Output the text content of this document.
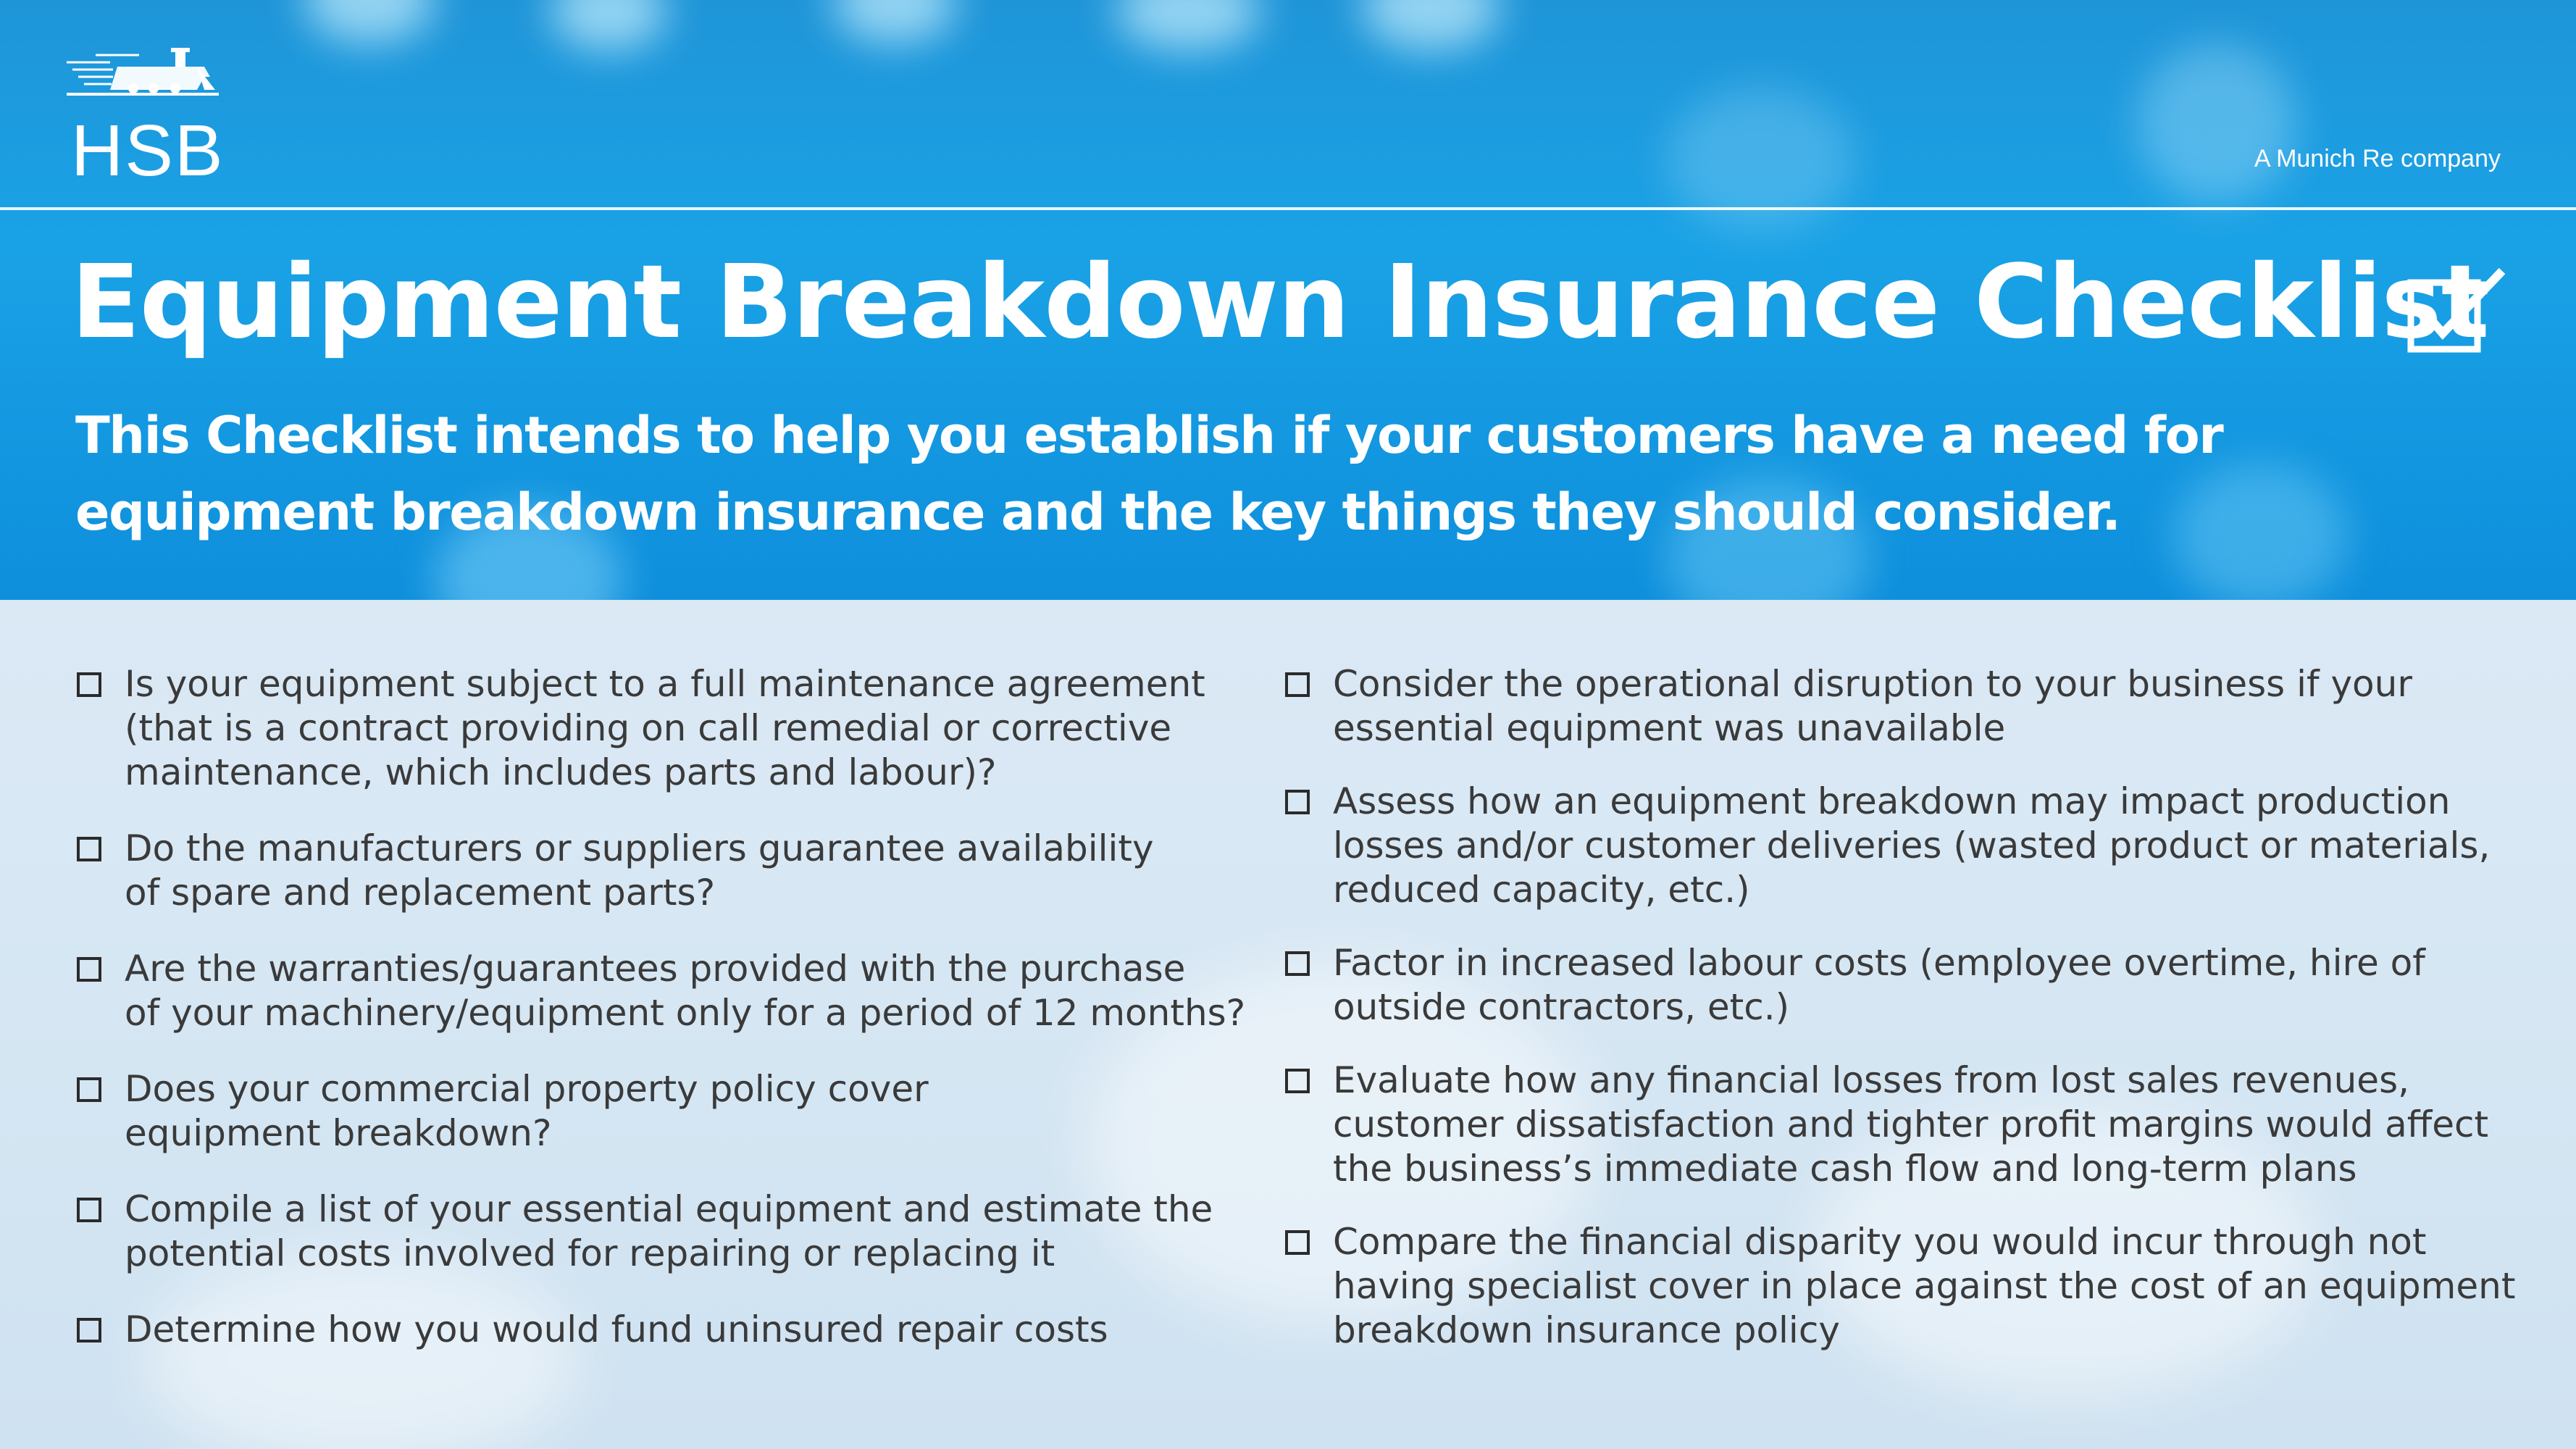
HSB	A Munich Re company
Equipment Breakdown Insurance Checklist
This Checklist intends to help you establish if your customers have a need for
equipment breakdown insurance and the key things they should consider.
Is your equipment subject to a full maintenance agreement
(that is a contract providing on call remedial or corrective
maintenance, which includes parts and labour)?
Do the manufacturers or suppliers guarantee availability
of spare and replacement parts?
Are the warranties/guarantees provided with the purchase
of your machinery/equipment only for a period of 12 months?
Does your commercial property policy cover
equipment breakdown?
Compile a list of your essential equipment and estimate the
potential costs involved for repairing or replacing it
Determine how you would fund uninsured repair costs
Consider the operational disruption to your business if your
essential equipment was unavailable
Assess how an equipment breakdown may impact production
losses and/or customer deliveries (wasted product or materials,
reduced capacity, etc.)
Factor in increased labour costs (employee overtime, hire of
outside contractors, etc.)
Evaluate how any financial losses from lost sales revenues,
customer dissatisfaction and tighter profit margins would affect
the business’s immediate cash flow and long-term plans
Compare the financial disparity you would incur through not
having specialist cover in place against the cost of an equipment
breakdown insurance policy
